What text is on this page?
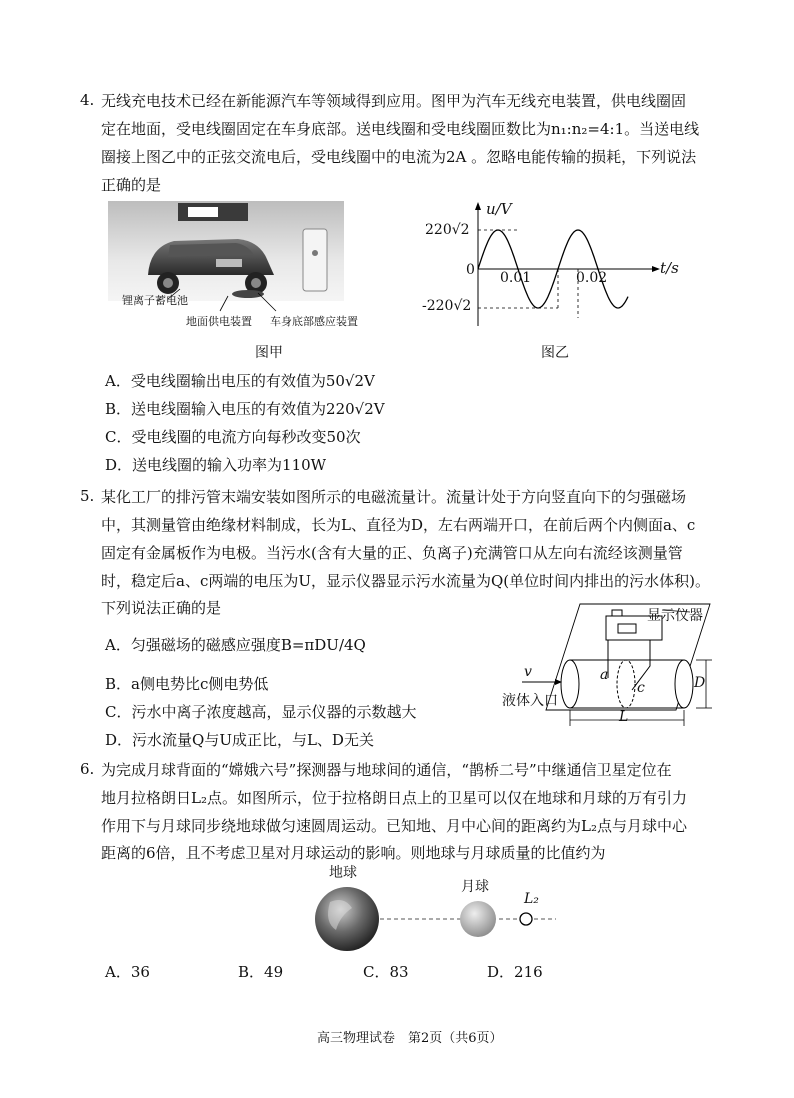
4. 无线充电技术已经在新能源汽车等领域得到应用。图甲为汽车无线充电装置，供电线圈固
定在地面，受电线圈固定在车身底部。送电线圈和受电线圈匝数比为n₁:n₂=4:1。当送电线
圈接上图乙中的正弦交流电后，受电线圈中的电流为2A 。忽略电能传输的损耗，下列说法
正确的是
锂离子蓄电池
地面供电装置 车身底部感应装置
图甲
u/V
t/s
220√2
0
-220√2
0.01	0.02
图乙
A．受电线圈输出电压的有效值为50√2V
B．送电线圈输入电压的有效值为220√2V
C．受电线圈的电流方向每秒改变50次
D．送电线圈的输入功率为110W
5. 某化工厂的排污管末端安装如图所示的电磁流量计。流量计处于方向竖直向下的匀强磁场
中，其测量管由绝缘材料制成，长为L、直径为D，左右两端开口，在前后两个内侧面a、c
固定有金属板作为电极。当污水(含有大量的正、负离子)充满管口从左向右流经该测量管
时，稳定后a、c两端的电压为U，显示仪器显示污水流量为Q(单位时间内排出的污水体积)。
下列说法正确的是
A．匀强磁场的磁感应强度B=πDU/4Q
B．a侧电势比c侧电势低
C．污水中离子浓度越高，显示仪器的示数越大
D．污水流量Q与U成正比，与L、D无关
显示仪器
v
液体入口
a
c	D
L
6. 为完成月球背面的“嫦娥六号”探测器与地球间的通信，“鹊桥二号”中继通信卫星定位在
地月拉格朗日L₂点。如图所示，位于拉格朗日点上的卫星可以仅在地球和月球的万有引力
作用下与月球同步绕地球做匀速圆周运动。已知地、月中心间的距离约为L₂点与月球中心
距离的6倍，且不考虑卫星对月球运动的影响。则地球与月球质量的比值约为
地球
月球
L₂
A．36	B．49	C．83	D．216
高三物理试卷　第2页（共6页）
